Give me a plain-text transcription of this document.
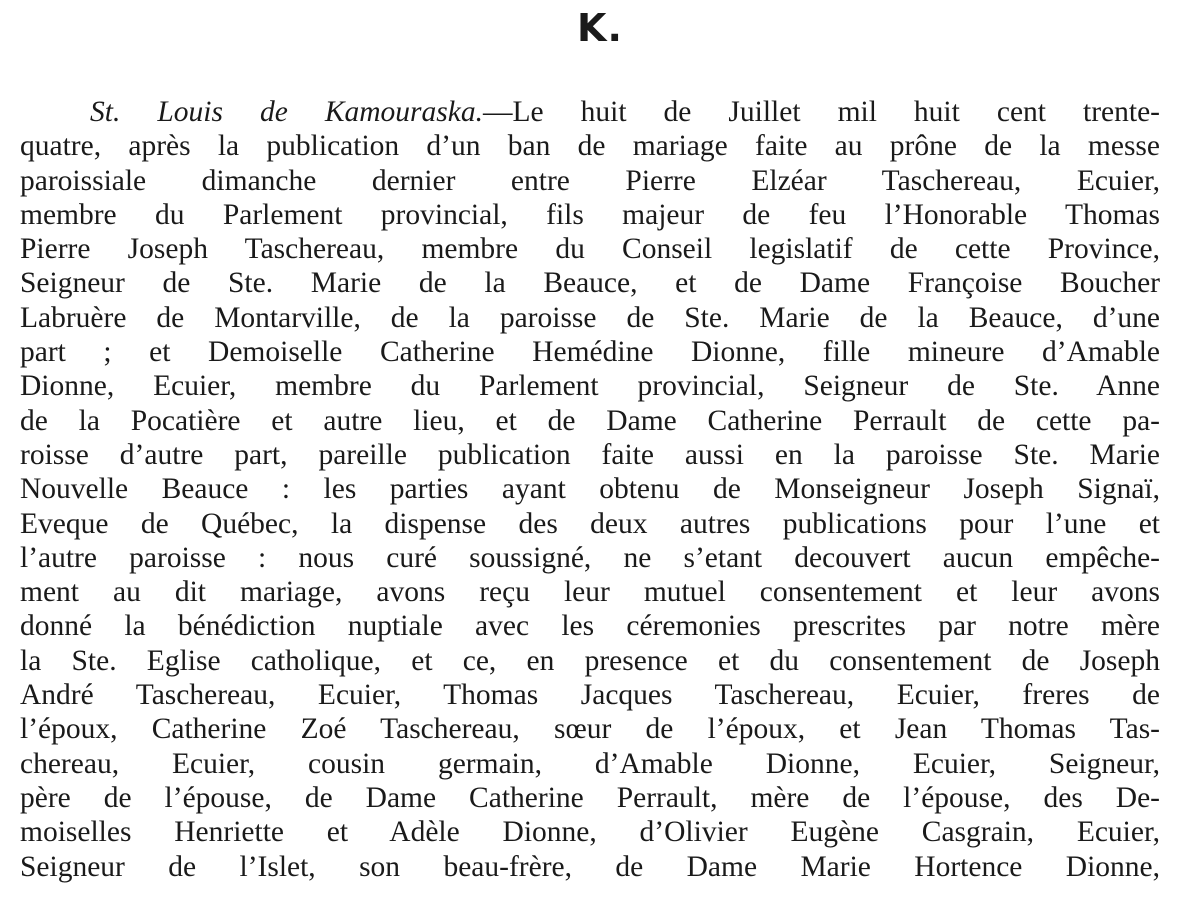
K.
St. Louis de Kamouraska.—Le huit de Juillet mil huit cent trente-
quatre, après la publication d’un ban de mariage faite au prône de la messe
paroissiale dimanche dernier entre Pierre Elzéar Taschereau, Ecuier,
membre du Parlement provincial, fils majeur de feu l’Honorable Thomas
Pierre Joseph Taschereau, membre du Conseil legislatif de cette Province,
Seigneur de Ste. Marie de la Beauce, et de Dame Françoise Boucher
Labruère de Montarville, de la paroisse de Ste. Marie de la Beauce, d’une
part ; et Demoiselle Catherine Hemédine Dionne, fille mineure d’Amable
Dionne, Ecuier, membre du Parlement provincial, Seigneur de Ste. Anne
de la Pocatière et autre lieu, et de Dame Catherine Perrault de cette pa-
roisse d’autre part, pareille publication faite aussi en la paroisse Ste. Marie
Nouvelle Beauce : les parties ayant obtenu de Monseigneur Joseph Signaï,
Eveque de Québec, la dispense des deux autres publications pour l’une et
l’autre paroisse : nous curé soussigné, ne s’etant decouvert aucun empêche-
ment au dit mariage, avons reçu leur mutuel consentement et leur avons
donné la bénédiction nuptiale avec les céremonies prescrites par notre mère
la Ste. Eglise catholique, et ce, en presence et du consentement de Joseph
André Taschereau, Ecuier, Thomas Jacques Taschereau, Ecuier, freres de
l’époux, Catherine Zoé Taschereau, sœur de l’époux, et Jean Thomas Tas-
chereau, Ecuier, cousin germain, d’Amable Dionne, Ecuier, Seigneur,
père de l’épouse, de Dame Catherine Perrault, mère de l’épouse, des De-
moiselles Henriette et Adèle Dionne, d’Olivier Eugène Casgrain, Ecuier,
Seigneur de l’Islet, son beau-frère, de Dame Marie Hortence Dionne,
